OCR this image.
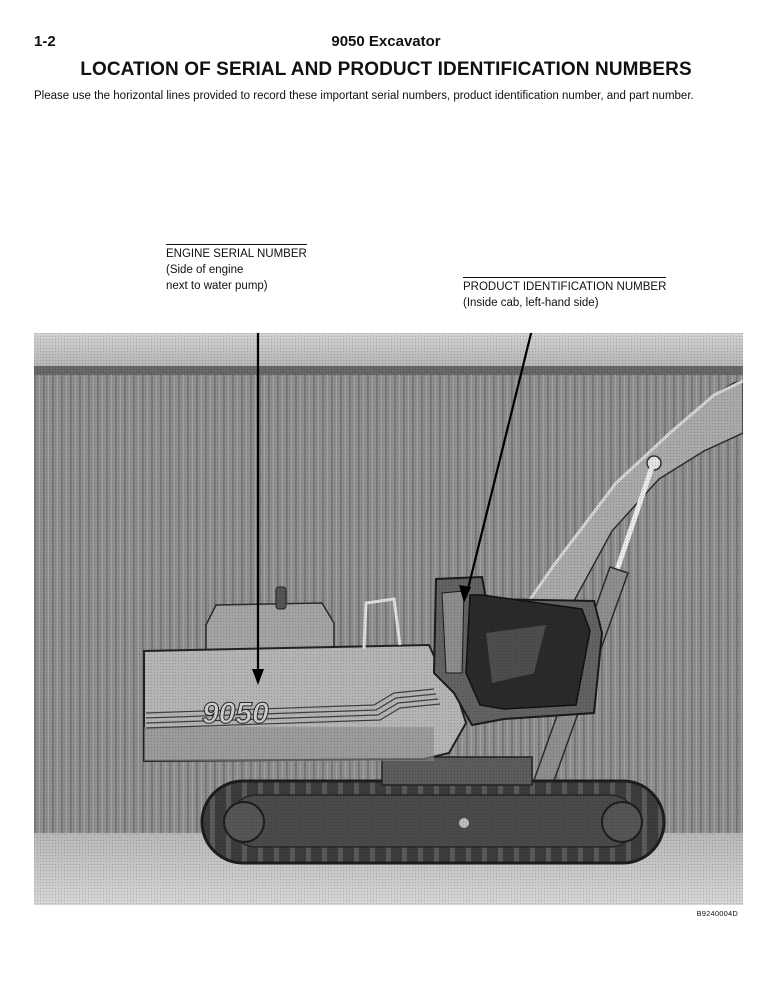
1-2	9050 Excavator
LOCATION OF SERIAL AND PRODUCT IDENTIFICATION NUMBERS
Please use the horizontal lines provided to record these important serial numbers, product identification number, and part number.
ENGINE SERIAL NUMBER
(Side of engine
next to water pump)	PRODUCT IDENTIFICATION NUMBER
(Inside cab, left-hand side)
B9240004D
